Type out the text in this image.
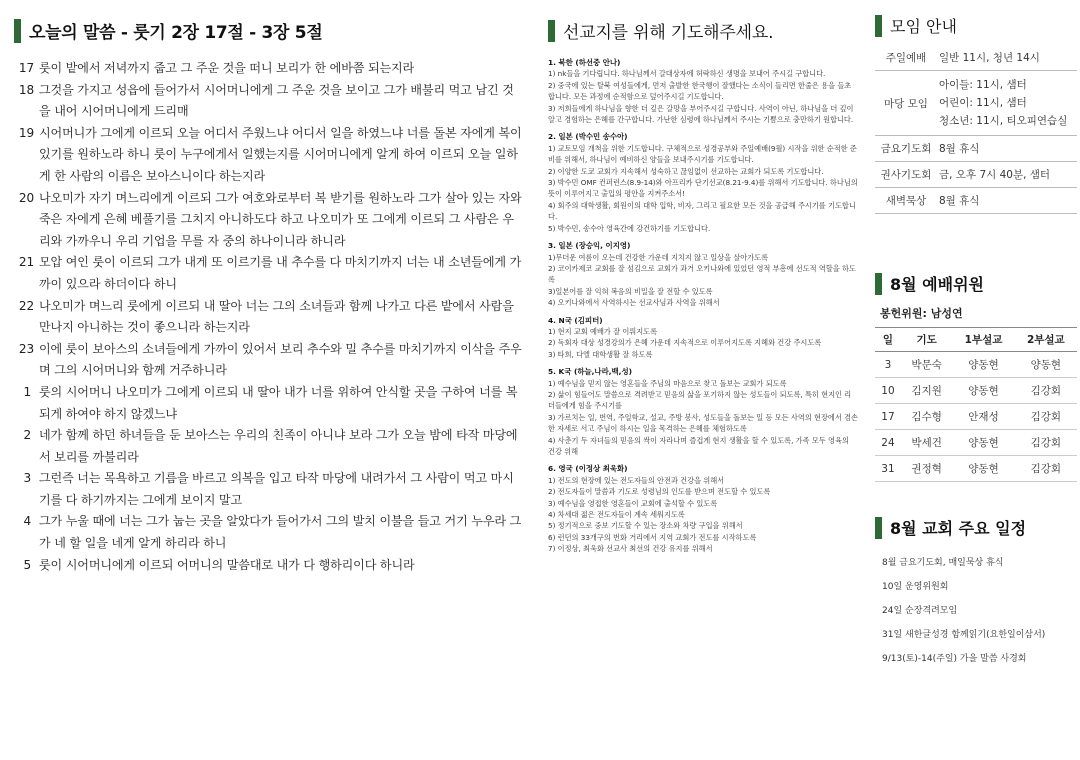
오늘의 말씀 - 룻기 2장 17절 - 3장 5절
17 룻이 밭에서 저녁까지 줍고 그 주운 것을 떠니 보리가 한 에바쯤 되는지라
18 그것을 가지고 성읍에 들어가서 시어머니에게 그 주운 것을 보이고 그가 배불리 먹고 남긴 것을 내어 시어머니에게 드리매
19 시어머니가 그에게 이르되 오늘 어디서 주웠느냐 어디서 일을 하였느냐 너를 돌본 자에게 복이 있기를 원하노라 하니 룻이 누구에게서 일했는지를 시어머니에게 알게 하여 이르되 오늘 일하게 한 사람의 이름은 보아스니이다 하는지라
20 나오미가 자기 며느리에게 이르되 그가 여호와로부터 복 받기를 원하노라 그가 살아 있는 자와 죽은 자에게 은혜 베풀기를 그치지 아니하도다 하고 나오미가 또 그에게 이르되 그 사람은 우리와 가까우니 우리 기업을 무를 자 중의 하나이니라 하니라
21 모압 여인 룻이 이르되 그가 내게 또 이르기를 내 추수를 다 마치기까지 너는 내 소년들에게 가까이 있으라 하더이다 하니
22 나오미가 며느리 룻에게 이르되 내 딸아 너는 그의 소녀들과 함께 나가고 다른 밭에서 사람을 만나지 아니하는 것이 좋으니라 하는지라
23 이에 룻이 보아스의 소녀들에게 가까이 있어서 보리 추수와 밀 추수를 마치기까지 이삭을 주우며 그의 시어머니와 함께 거주하니라
1 룻의 시어머니 나오미가 그에게 이르되 내 딸아 내가 너를 위하여 안식할 곳을 구하여 너를 복되게 하여야 하지 않겠느냐
2 네가 함께 하던 하녀들을 둔 보아스는 우리의 친족이 아니냐 보라 그가 오늘 밤에 타작 마당에서 보리를 까불리라
3 그런즉 너는 목욕하고 기름을 바르고 의복을 입고 타작 마당에 내려가서 그 사람이 먹고 마시기를 다 하기까지는 그에게 보이지 말고
4 그가 누울 때에 너는 그가 눕는 곳을 알았다가 들어가서 그의 발치 이불을 들고 거기 누우라 그가 네 할 일을 네게 알게 하리라 하니
5 룻이 시어머니에게 이르되 어머니의 말씀대로 내가 다 행하리이다 하니라
선교지를 위해 기도해주세요.
1. 북한 (하선중 안나)
1) nk들을 기다립니다. 하나님께서 갈대상자에 허락하신 생명을 보내어 주시길 구합니다.
2) 중국에 있는 탈북 여성들에게, 먼저 출발한 한국행이 잘했다는 소식이 들리면 한줄은 용을 들초합니다. 모든 과정에 순적함으로 덮어주시길 기도합니다.
3) 저희들에게 하나님을 향한 더 깊은 갈망을 부어주시길 구합니다. 사역이 아닌, 하나님을 더 깊이 알고 경험하는 은혜를 간구합니다. 가난한 심령에 하나님께서 주시는 기쁨으로 충만하기 원합니다.
2. 일본 (박수민 송수아)
1) 교토모임 개척을 위한 기도합니다. 구체적으로 성경공부와 주일예배(9월) 시작을 위한 순적한 준비를 위해서, 하나님이 예비하신 양들을 보내주시기를 기도합니다.
2) 이양한 도쿄 교회가 지속해서 성숙하고 끊임없이 선교하는 교회가 되도록 기도합니다.
3) 박수민 OMF 컨퍼런스(8.9-14)와 아프리카 단기선교(8.21-9.4)를 위해서 기도합니다. 하나님의 뜻이 이루어지고 출입의 평안을 지켜주소서!
4) 회주의 대학생활, 회원이의 대학 입학, 비자, 그리고 필요한 모든 것을 공급해 주시기를 기도합니다.
5) 박수민, 송수아 영육간에 강건하기를 기도합니다.
3. 일본 (장승익, 이지영)
1)무더운 여름이 오는데 건강한 가운데 지치지 않고 일상을 살아가도록
2) 코이카제코 교회를 잘 섬김으로 교회가 과거 오키나와에 있었던 영적 부흥에 선도적 역할을 하도록
3)일본어를 잘 익혀 복음의 비밀을 잘 전할 수 있도록
4) 오키나와에서 사역하시는 선교사님과 사역을 위해서
4. N국 (김피터)
1) 현지 교회 예배가 잘 이뤄지도록
2) 독회자 대상 성경강의가 은혜 가운데 지속적으로 이루어지도록 지혜와 건강 주시도록
3) 타희, 다엘 대학생활 잘 하도록
5. K국 (하늘,나라,백,성)
1) 예수님을 믿지 않는 영혼들을 주님의 마음으로 찾고 돌보는 교회가 되도록
2) 삶이 힘들어도 말씀으로 격려받고 믿음의 삶을 포기하지 않는 성도들이 되도록, 특히 현지인 리더들에게 힘을 주시기를
3) 가르치는 일, 번역, 주일학교, 설교, 주방 봉사, 성도들을 돌보는 일 등 모든 사역의 현장에서 겸손한 자세로 서고 주님이 하시는 일을 목격하는 은혜를 체험하도록
4) 사춘기 두 자녀들의 믿음의 싹이 자라나며 즐겁게 현지 생활을 할 수 있도록, 가족 모두 영육의 건강 위해
6. 영국 (이정상 최욱화)
1) 전도의 현장에 있는 전도자들의 안전과 건강을 위해서
2) 전도자들이 말씀과 기도로 성령님의 인도를 받으며 전도할 수 있도록
3) 예수님을 영접한 영혼들이 교회에 출석할 수 있도록
4) 차세대 젊은 전도자들이 계속 세워지도록
5) 정기적으로 중보 기도할 수 있는 장소와 차량 구입을 위해서
6) 런던의 33개구의 번화 거리에서 지역 교회가 전도를 시작하도록
7) 이정상, 최욱화 선교사 최선의 건강 유지를 위해서
모임 안내
주일예배	일반 11시, 청년 14시

마당 모임	아이들: 11시, 샘터
어린이: 11시, 샘터
청소년: 11시, 티오피연습실

금요기도회	8월 휴식

권사기도회	금, 오후 7시 40분, 샘터

새벽묵상	8월 휴식
8월 예배위원
봉헌위원: 남성연
일	기도	1부설교	2부설교
3	박문숙	양동현	양동현
10	김지원	양동현	김강회
17	김수형	안재성	김강회
24	박세건	양동현	김강회
31	권정혁	양동현	김강회
8월 교회 주요 일정
8월 금요기도회, 매일묵상 휴식
10일 운영위원회
24일 순장격려모임
31일 새한글성경 함께읽기(요한일이삼서)
9/13(토)-14(주일) 가을 말씀 사경회
